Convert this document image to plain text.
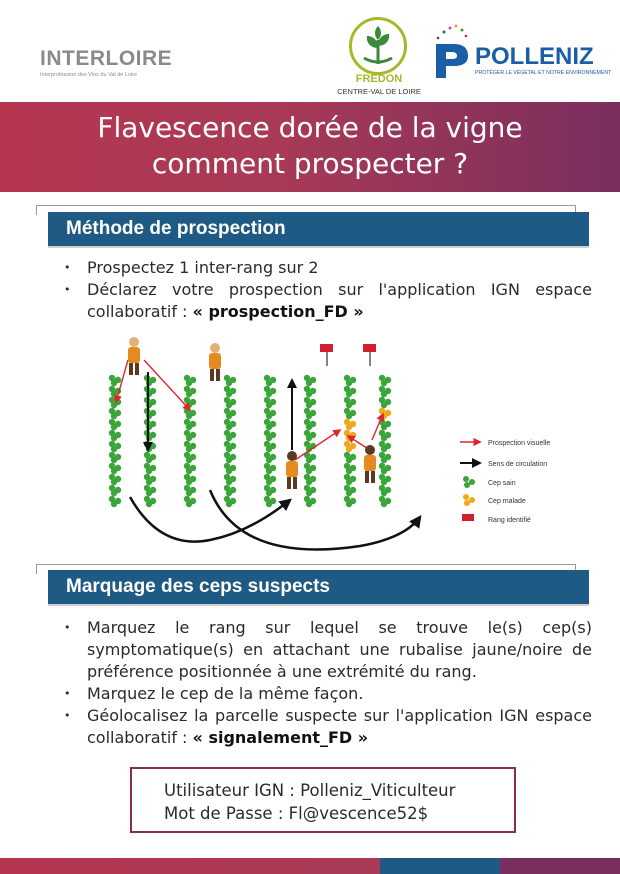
INTERLOIRE
Interprofession des Vins du Val de Loire	FREDON
CENTRE-VAL DE LOIRE
POLLENIZ
PROTÉGER LE VÉGÉTAL ET NOTRE ENVIRONNEMENT
Flavescence dorée de la vigne
comment prospecter ?
Méthode de prospection

• Prospectez 1 inter-rang sur 2

• Déclarez votre prospection sur l'application IGN espace collaboratif : « prospection_FD »

Prospection visuelle
Sens de circulation
Cep sain
Cep malade
Rang identifié
Marquage des ceps suspects

• Marquez le rang sur lequel se trouve le(s) cep(s) symptomatique(s) en attachant une rubalise jaune/noire de préférence positionnée à une extrémité du rang.

• Marquez le cep de la même façon.

• Géolocalisez la parcelle suspecte sur l'application IGN espace collaboratif : « signalement_FD »

Utilisateur IGN : Polleniz_Viticulteur
Mot de Passe : Fl@vescence52$
